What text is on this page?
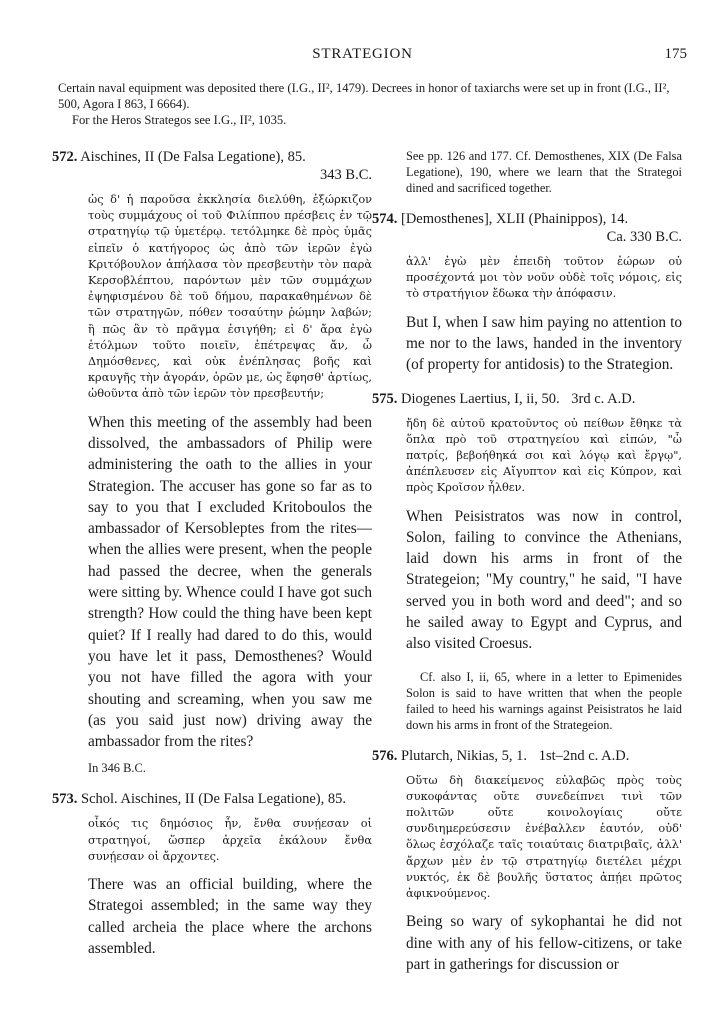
STRATEGION	175

Certain naval equipment was deposited there (I.G., II², 1479). Decrees in honor of taxiarchs were set up in front (I.G., II², 500, Agora I 863, I 6664).

For the Heros Strategos see I.G., II², 1035.

572. Aischines, II (De Falsa Legatione), 85.
343 B.C.
ὡς δ' ἡ παροῦσα ἐκκλησία διελύθη, ἐξώρκιζον τοὺς συμμάχους οἱ τοῦ Φιλίππου πρέσβεις ἐν τῷ στρατηγίῳ τῷ ὑμετέρῳ. τετόλμηκε δὲ πρὸς ὑμᾶς εἰπεῖν ὁ κατήγορος ὡς ἀπὸ τῶν ἱερῶν ἐγὼ Κριτόβουλον ἀπήλασα τὸν πρεσβευτὴν τὸν παρὰ Κερσοβλέπτου, παρόντων μὲν τῶν συμμάχων ἐψηφισμένου δὲ τοῦ δήμου, παρακαθημένων δὲ τῶν στρατηγῶν, πόθεν τοσαύτην ῥώμην λαβών; ἢ πῶς ἂν τὸ πρᾶγμα ἐσιγήθη; εἰ δ' ἄρα ἐγὼ ἐτόλμων τοῦτο ποιεῖν, ἐπέτρεψας ἄν, ὦ Δημόσθενες, καὶ οὐκ ἐνέπλησας βοῆς καὶ κραυγῆς τὴν ἀγοράν, ὁρῶν με, ὡς ἔφησθ' ἀρτίως, ὠθοῦντα ἀπὸ τῶν ἱερῶν τὸν πρεσβευτήν;
When this meeting of the assembly had been dissolved, the ambassadors of Philip were administering the oath to the allies in your Strategion. The accuser has gone so far as to say to you that I excluded Kritoboulos the ambassador of Kersobleptes from the rites—when the allies were present, when the people had passed the decree, when the generals were sitting by. Whence could I have got such strength? How could the thing have been kept quiet? If I really had dared to do this, would you have let it pass, Demosthenes? Would you not have filled the agora with your shouting and screaming, when you saw me (as you said just now) driving away the ambassador from the rites?
In 346 B.C.
573. Schol. Aischines, II (De Falsa Legatione), 85.
οἶκός τις δημόσιος ἦν, ἔνθα συνῄεσαν οἱ στρατηγοί, ὥσπερ ἀρχεῖα ἐκάλουν ἔνθα συνῄεσαν οἱ ἄρχοντες.
There was an official building, where the Strategoi assembled; in the same way they called archeia the place where the archons assembled.
See pp. 126 and 177. Cf. Demosthenes, XIX (De Falsa Legatione), 190, where we learn that the Strategoi dined and sacrificed together.
574. [Demosthenes], XLII (Phainippos), 14.
Ca. 330 B.C.
ἀλλ' ἐγὼ μὲν ἐπειδὴ τοῦτον ἑώρων οὐ προσέχοντά μοι τὸν νοῦν οὐδὲ τοῖς νόμοις, εἰς τὸ στρατήγιον ἔδωκα τὴν ἀπόφασιν.
But I, when I saw him paying no attention to me nor to the laws, handed in the inventory (of property for antidosis) to the Strategion.
575. Diogenes Laertius, I, ii, 50. 3rd c. A.D.
ἤδη δὲ αὐτοῦ κρατοῦντος οὐ πείθων ἔθηκε τὰ ὅπλα πρὸ τοῦ στρατηγείου καὶ εἰπών, "ὦ πατρίς, βεβοήθηκά σοι καὶ λόγῳ καὶ ἔργῳ", ἀπέπλευσεν εἰς Αἴγυπτον καὶ εἰς Κύπρον, καὶ πρὸς Κροῖσον ἦλθεν.
When Peisistratos was now in control, Solon, failing to convince the Athenians, laid down his arms in front of the Strategeion; "My country," he said, "I have served you in both word and deed"; and so he sailed away to Egypt and Cyprus, and also visited Croesus.
Cf. also I, ii, 65, where in a letter to Epimenides Solon is said to have written that when the people failed to heed his warnings against Peisistratos he laid down his arms in front of the Strategeion.
576. Plutarch, Nikias, 5, 1. 1st–2nd c. A.D.
Οὕτω δὴ διακείμενος εὐλαβῶς πρὸς τοὺς συκοφάντας οὔτε συνεδείπνει τινὶ τῶν πολιτῶν οὔτε κοινολογίαις οὔτε συνδιημερεύσεσιν ἐνέβαλλεν ἑαυτόν, οὐδ' ὅλως ἐσχόλαζε ταῖς τοιαύταις διατριβαῖς, ἀλλ' ἄρχων μὲν ἐν τῷ στρατηγίῳ διετέλει μέχρι νυκτός, ἐκ δὲ βουλῆς ὕστατος ἀπῄει πρῶτος ἀφικνούμενος.
Being so wary of sykophantai he did not dine with any of his fellow-citizens, or take part in gatherings for discussion or
